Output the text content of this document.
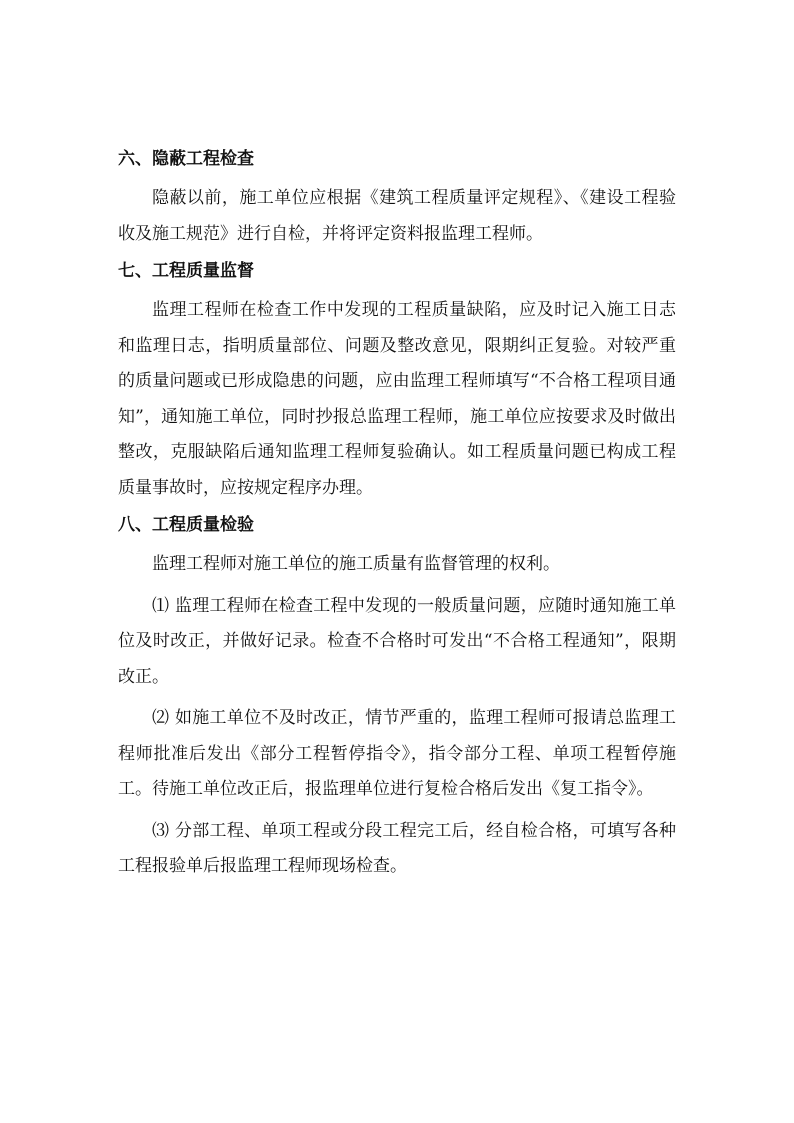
六、隐蔽工程检查

隐蔽以前，施工单位应根据《建筑工程质量评定规程》、《建设工程验收及施工规范》进行自检，并将评定资料报监理工程师。

七、工程质量监督

监理工程师在检查工作中发现的工程质量缺陷，应及时记入施工日志和监理日志，指明质量部位、问题及整改意见，限期纠正复验。对较严重的质量问题或已形成隐患的问题，应由监理工程师填写“不合格工程项目通知”，通知施工单位，同时抄报总监理工程师，施工单位应按要求及时做出整改，克服缺陷后通知监理工程师复验确认。如工程质量问题已构成工程质量事故时，应按规定程序办理。

八、工程质量检验

监理工程师对施工单位的施工质量有监督管理的权利。

⑴ 监理工程师在检查工程中发现的一般质量问题，应随时通知施工单位及时改正，并做好记录。检查不合格时可发出“不合格工程通知”，限期改正。

⑵ 如施工单位不及时改正，情节严重的，监理工程师可报请总监理工程师批准后发出《部分工程暂停指令》，指令部分工程、单项工程暂停施工。待施工单位改正后，报监理单位进行复检合格后发出《复工指令》。

⑶ 分部工程、单项工程或分段工程完工后，经自检合格，可填写各种工程报验单后报监理工程师现场检查。
